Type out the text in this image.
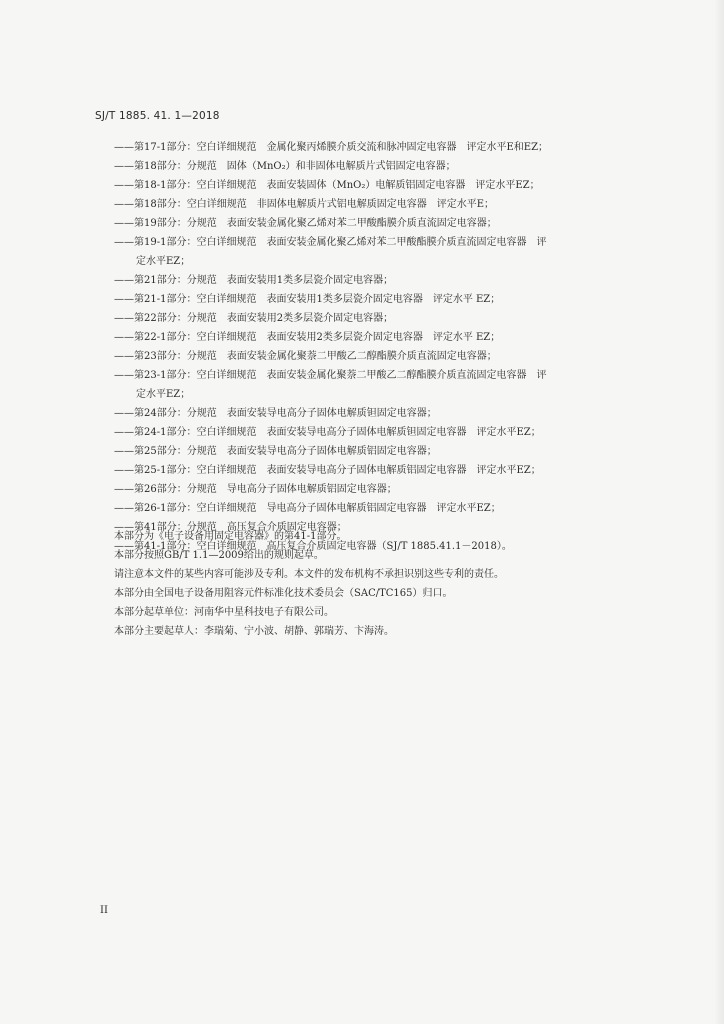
SJ/T 1885. 41. 1—2018
——第17-1部分：空白详细规范　金属化聚丙烯膜介质交流和脉冲固定电容器　评定水平E和EZ；
——第18部分：分规范　固体（MnO₂）和非固体电解质片式铝固定电容器；
——第18-1部分：空白详细规范　表面安装固体（MnO₂）电解质铝固定电容器　评定水平EZ；
——第18部分：空白详细规范　非固体电解质片式铝电解质固定电容器　评定水平E；
——第19部分：分规范　表面安装金属化聚乙烯对苯二甲酸酯膜介质直流固定电容器；
——第19-1部分：空白详细规范　表面安装金属化聚乙烯对苯二甲酸酯膜介质直流固定电容器　评
定水平EZ；
——第21部分：分规范　表面安装用1类多层瓷介固定电容器；
——第21-1部分：空白详细规范　表面安装用1类多层瓷介固定电容器　评定水平 EZ；
——第22部分：分规范　表面安装用2类多层瓷介固定电容器；
——第22-1部分：空白详细规范　表面安装用2类多层瓷介固定电容器　评定水平 EZ；
——第23部分：分规范　表面安装金属化聚萘二甲酸乙二醇酯膜介质直流固定电容器；
——第23-1部分：空白详细规范　表面安装金属化聚萘二甲酸乙二醇酯膜介质直流固定电容器　评
定水平EZ；
——第24部分：分规范　表面安装导电高分子固体电解质钽固定电容器；
——第24-1部分：空白详细规范　表面安装导电高分子固体电解质钽固定电容器　评定水平EZ；
——第25部分：分规范　表面安装导电高分子固体电解质铝固定电容器；
——第25-1部分：空白详细规范　表面安装导电高分子固体电解质铝固定电容器　评定水平EZ；
——第26部分：分规范　导电高分子固体电解质铝固定电容器；
——第26-1部分：空白详细规范　导电高分子固体电解质铝固定电容器　评定水平EZ；
——第41部分：分规范　高压复合介质固定电容器；
——第41-1部分：空白详细规范　高压复合介质固定电容器（SJ/T 1885.41.1－2018）。
本部分为《电子设备用固定电容器》的第41-1部分。
本部分按照GB/T 1.1—2009给出的规则起草。
请注意本文件的某些内容可能涉及专利。本文件的发布机构不承担识别这些专利的责任。
本部分由全国电子设备用阻容元件标准化技术委员会（SAC/TC165）归口。
本部分起草单位：河南华中星科技电子有限公司。
本部分主要起草人：李瑞菊、宁小波、胡静、郭瑞芳、卞海涛。
II
